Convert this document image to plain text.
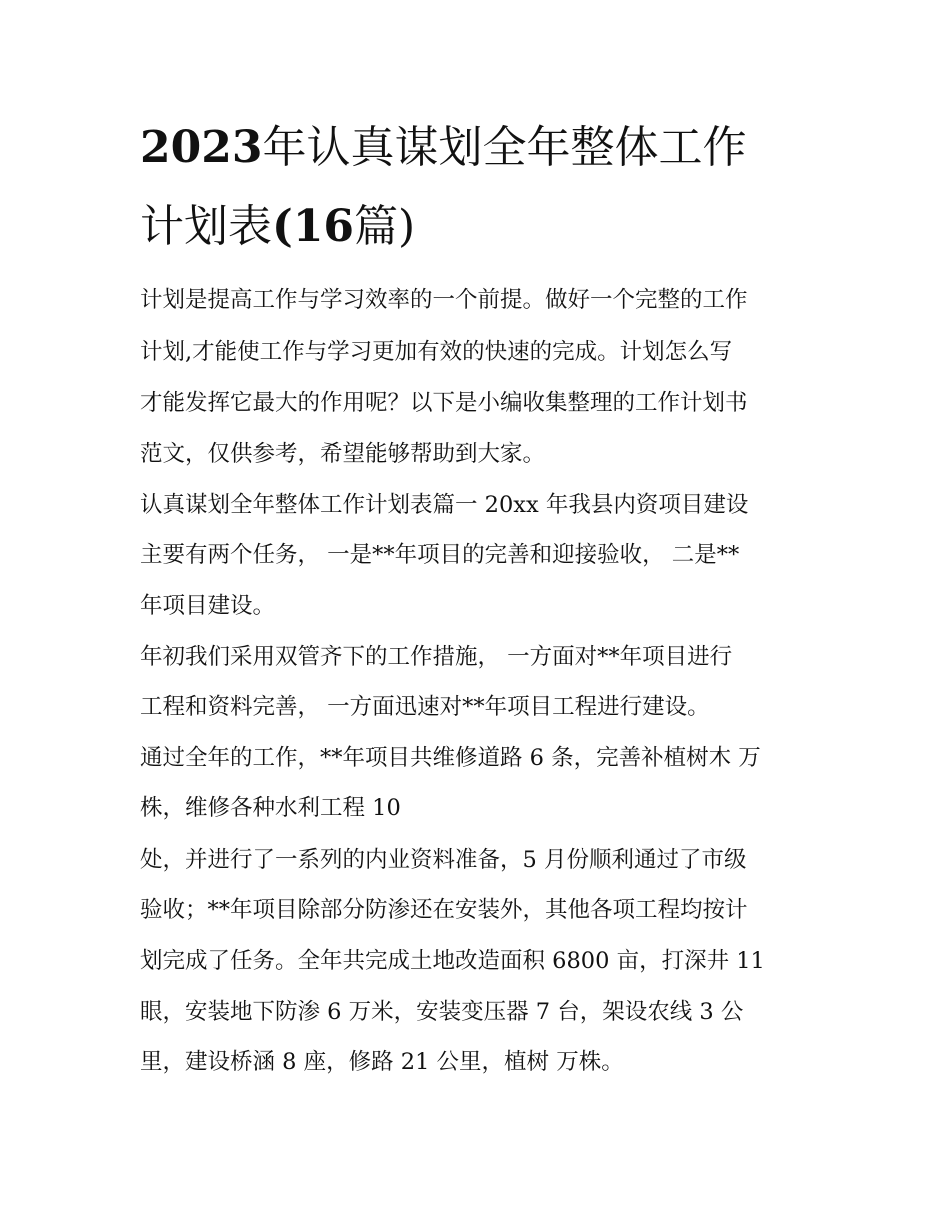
2023年认真谋划全年整体工作
计划表(16篇)
计划是提高工作与学习效率的一个前提。做好一个完整的工作
计划,才能使工作与学习更加有效的快速的完成。计划怎么写
才能发挥它最大的作用呢？以下是小编收集整理的工作计划书
范文，仅供参考，希望能够帮助到大家。
认真谋划全年整体工作计划表篇一 20xx 年我县内资项目建设
主要有两个任务， 一是**年项目的完善和迎接验收， 二是**
年项目建设。
年初我们采用双管齐下的工作措施， 一方面对**年项目进行
工程和资料完善， 一方面迅速对**年项目工程进行建设。
通过全年的工作，**年项目共维修道路 6 条，完善补植树木 万
株，维修各种水利工程 10
处，并进行了一系列的内业资料准备，5 月份顺利通过了市级
验收；**年项目除部分防渗还在安装外，其他各项工程均按计
划完成了任务。全年共完成土地改造面积 6800 亩，打深井 11
眼，安装地下防渗 6 万米，安装变压器 7 台，架设农线 3 公
里，建设桥涵 8 座，修路 21 公里，植树 万株。
